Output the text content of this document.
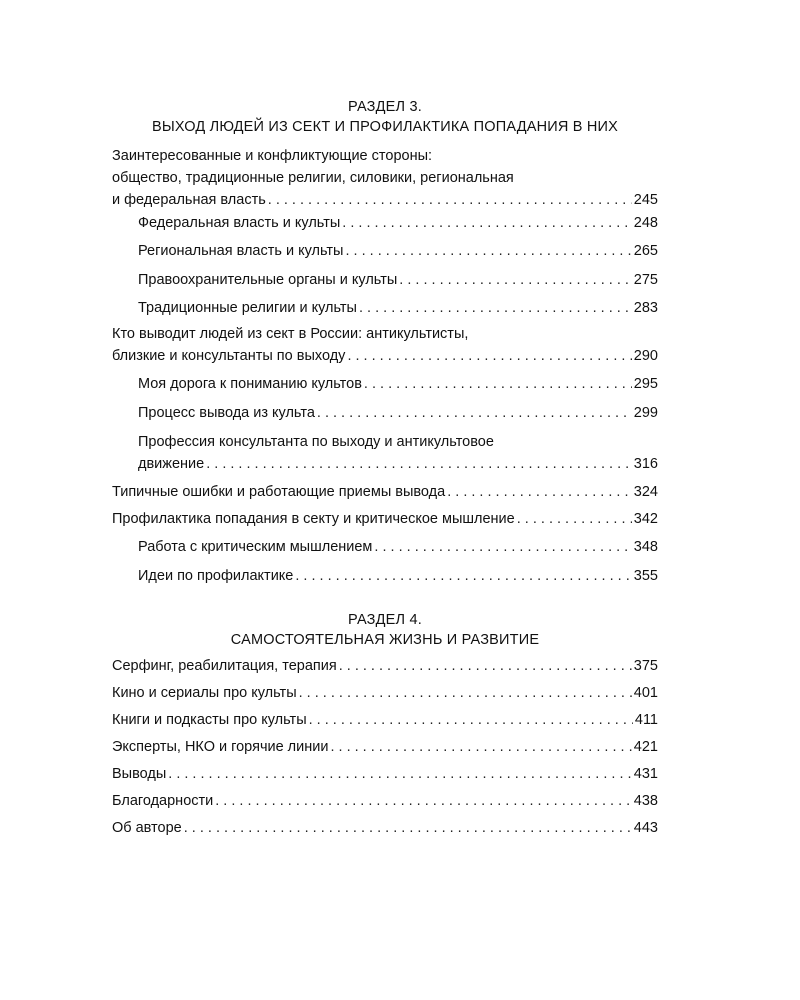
РАЗДЕЛ 3.
ВЫХОД ЛЮДЕЙ ИЗ СЕКТ И ПРОФИЛАКТИКА ПОПАДАНИЯ В НИХ
Заинтересованные и конфликтующие стороны:
общество, традиционные религии, силовики, региональная
и федеральная власть . . .	245
Федеральная власть и культы . . .	248
Региональная власть и культы . . .	265
Правоохранительные органы и культы . . .	275
Традиционные религии и культы . . .	283
Кто выводит людей из сект в России: антикультисты,
близкие и консультанты по выходу . . .	290
Моя дорога к пониманию культов . . .	295
Процесс вывода из культа . . .	299
Профессия консультанта по выходу и антикультовое
движение . . .	316
Типичные ошибки и работающие приемы вывода . . .	324
Профилактика попадания в секту и критическое мышление . . .	342
Работа с критическим мышлением . . .	348
Идеи по профилактике . . .	355
РАЗДЕЛ 4.
САМОСТОЯТЕЛЬНАЯ ЖИЗНЬ И РАЗВИТИЕ
Серфинг, реабилитация, терапия . . .	375
Кино и сериалы про культы . . .	401
Книги и подкасты про культы . . .	411
Эксперты, НКО и горячие линии . . .	421
Выводы . . .	431
Благодарности . . .	438
Об авторе . . .	443
